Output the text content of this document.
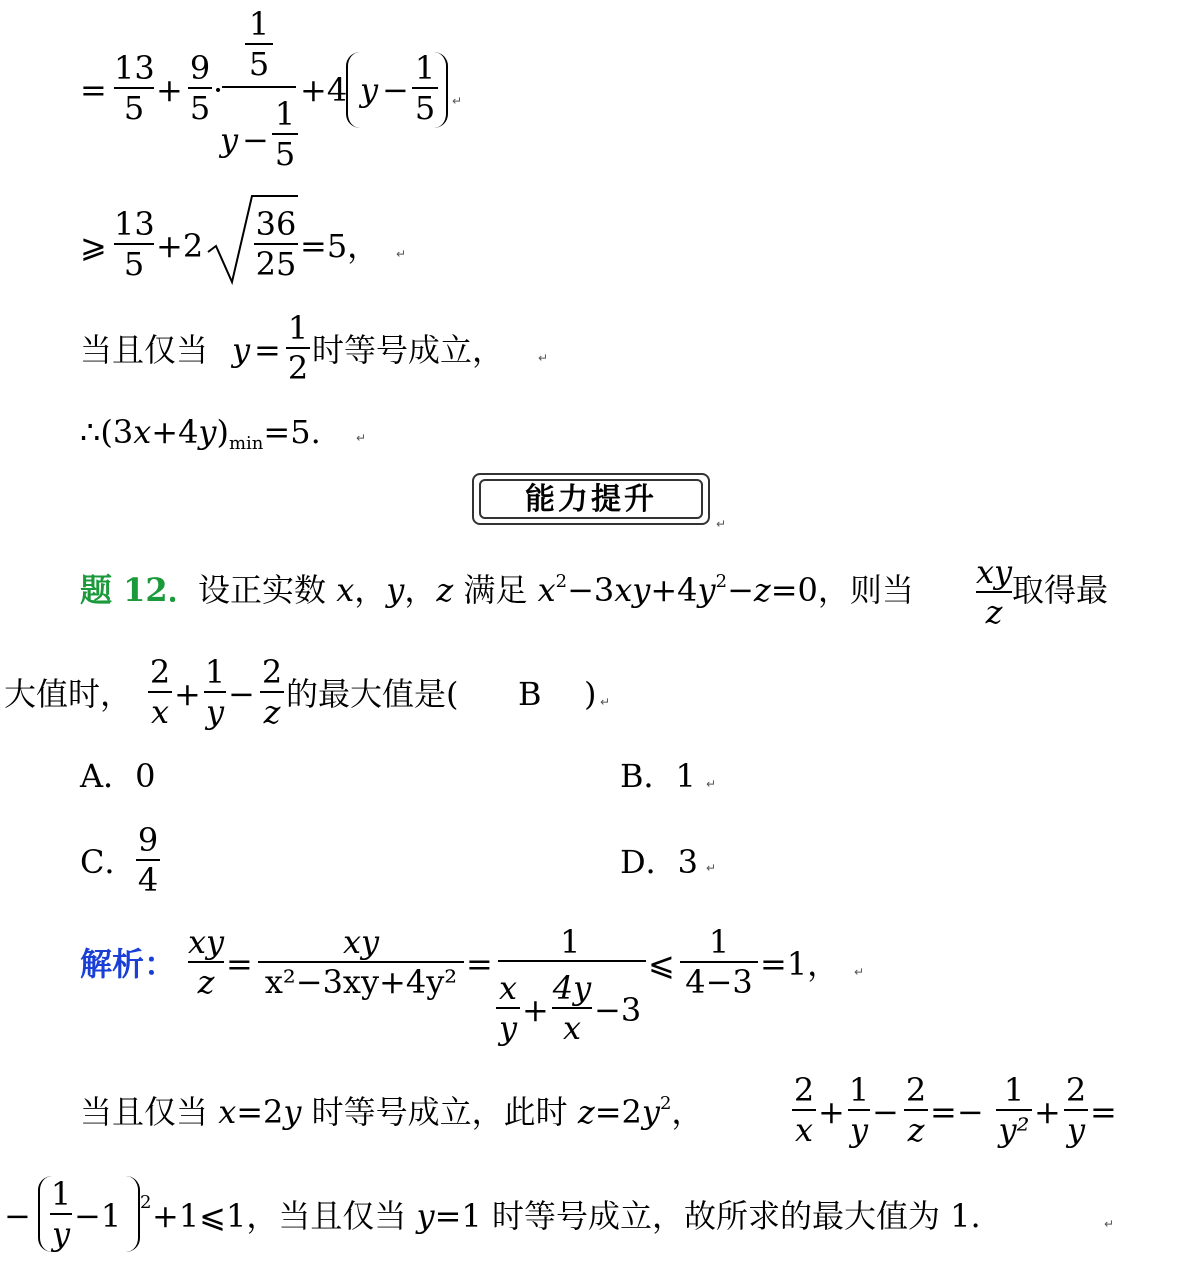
=
13
5 +
9
5 ·
1
5
y −
1
5
+4 y −
1
5 ↵
⩾
13
5 +2
36
25 =5， ↵
当且仅当 y =
1
2 时等号成立，	↵
$\therefore(3x+4y)_{min}=5$.	↵
能力提升
↵
题 12．
设正实数 x，y，z 满足 $x^2-3xy+4y^2-z=0$，则当 xy
z
取得最
大值时，
2
x +
1
y −
2
z 的最大值是( B ) ↵
A．0	B．1 ↵
C．
9
4	D．3 ↵
解析：
xy
z =
xy
x²−3xy+4y² =
1
x
y +
4y
x −3
⩽
1
4−3 =1， ↵
当且仅当 x=2y 时等号成立，此时 $z=2y^2$，
2
x +
1
y −
2
z =−
1
y² +
2
y =
−
1
y −1 2 +1⩽1，当且仅当 y=1 时等号成立，故所求的最大值为 1.	↵
